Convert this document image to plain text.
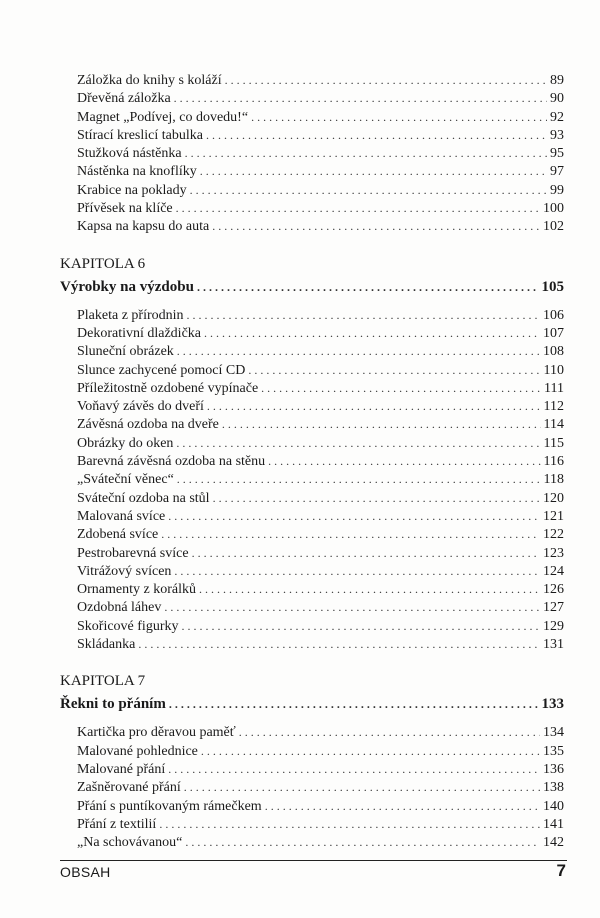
Záložka do knihy s koláží . . .	89
Dřevěná záložka . . .	90
Magnet „Podívej, co dovedu!“ . . .	92
Stírací kreslicí tabulka . . .	93
Stužková nástěnka . . .	95
Nástěnka na knoflíky . . .	97
Krabice na poklady . . .	99
Přívěsek na klíče . . .	100
Kapsa na kapsu do auta . . .	102
KAPITOLA 6
Výrobky na výzdobu . . .	105
Plaketa z přírodnin . . .	106
Dekorativní dlaždička . . .	107
Sluneční obrázek . . .	108
Slunce zachycené pomocí CD . . .	110
Příležitostně ozdobené vypínače . . .	111
Voňavý závěs do dveří . . .	112
Závěsná ozdoba na dveře . . .	114
Obrázky do oken . . .	115
Barevná závěsná ozdoba na stěnu . . .	116
„Sváteční věnec“ . . .	118
Sváteční ozdoba na stůl . . .	120
Malovaná svíce . . .	121
Zdobená svíce . . .	122
Pestrobarevná svíce . . .	123
Vitrážový svícen . . .	124
Ornamenty z korálků . . .	126
Ozdobná láhev . . .	127
Skořicové figurky . . .	129
Skládanka . . .	131
KAPITOLA 7
Řekni to přáním . . .	133
Kartička pro děravou paměť . . .	134
Malované pohlednice . . .	135
Malované přání . . .	136
Zašněrované přání . . .	138
Přání s puntíkovaným rámečkem . . .	140
Přání z textilií . . .	141
„Na schovávanou“ . . .	142
OBSAH	7
